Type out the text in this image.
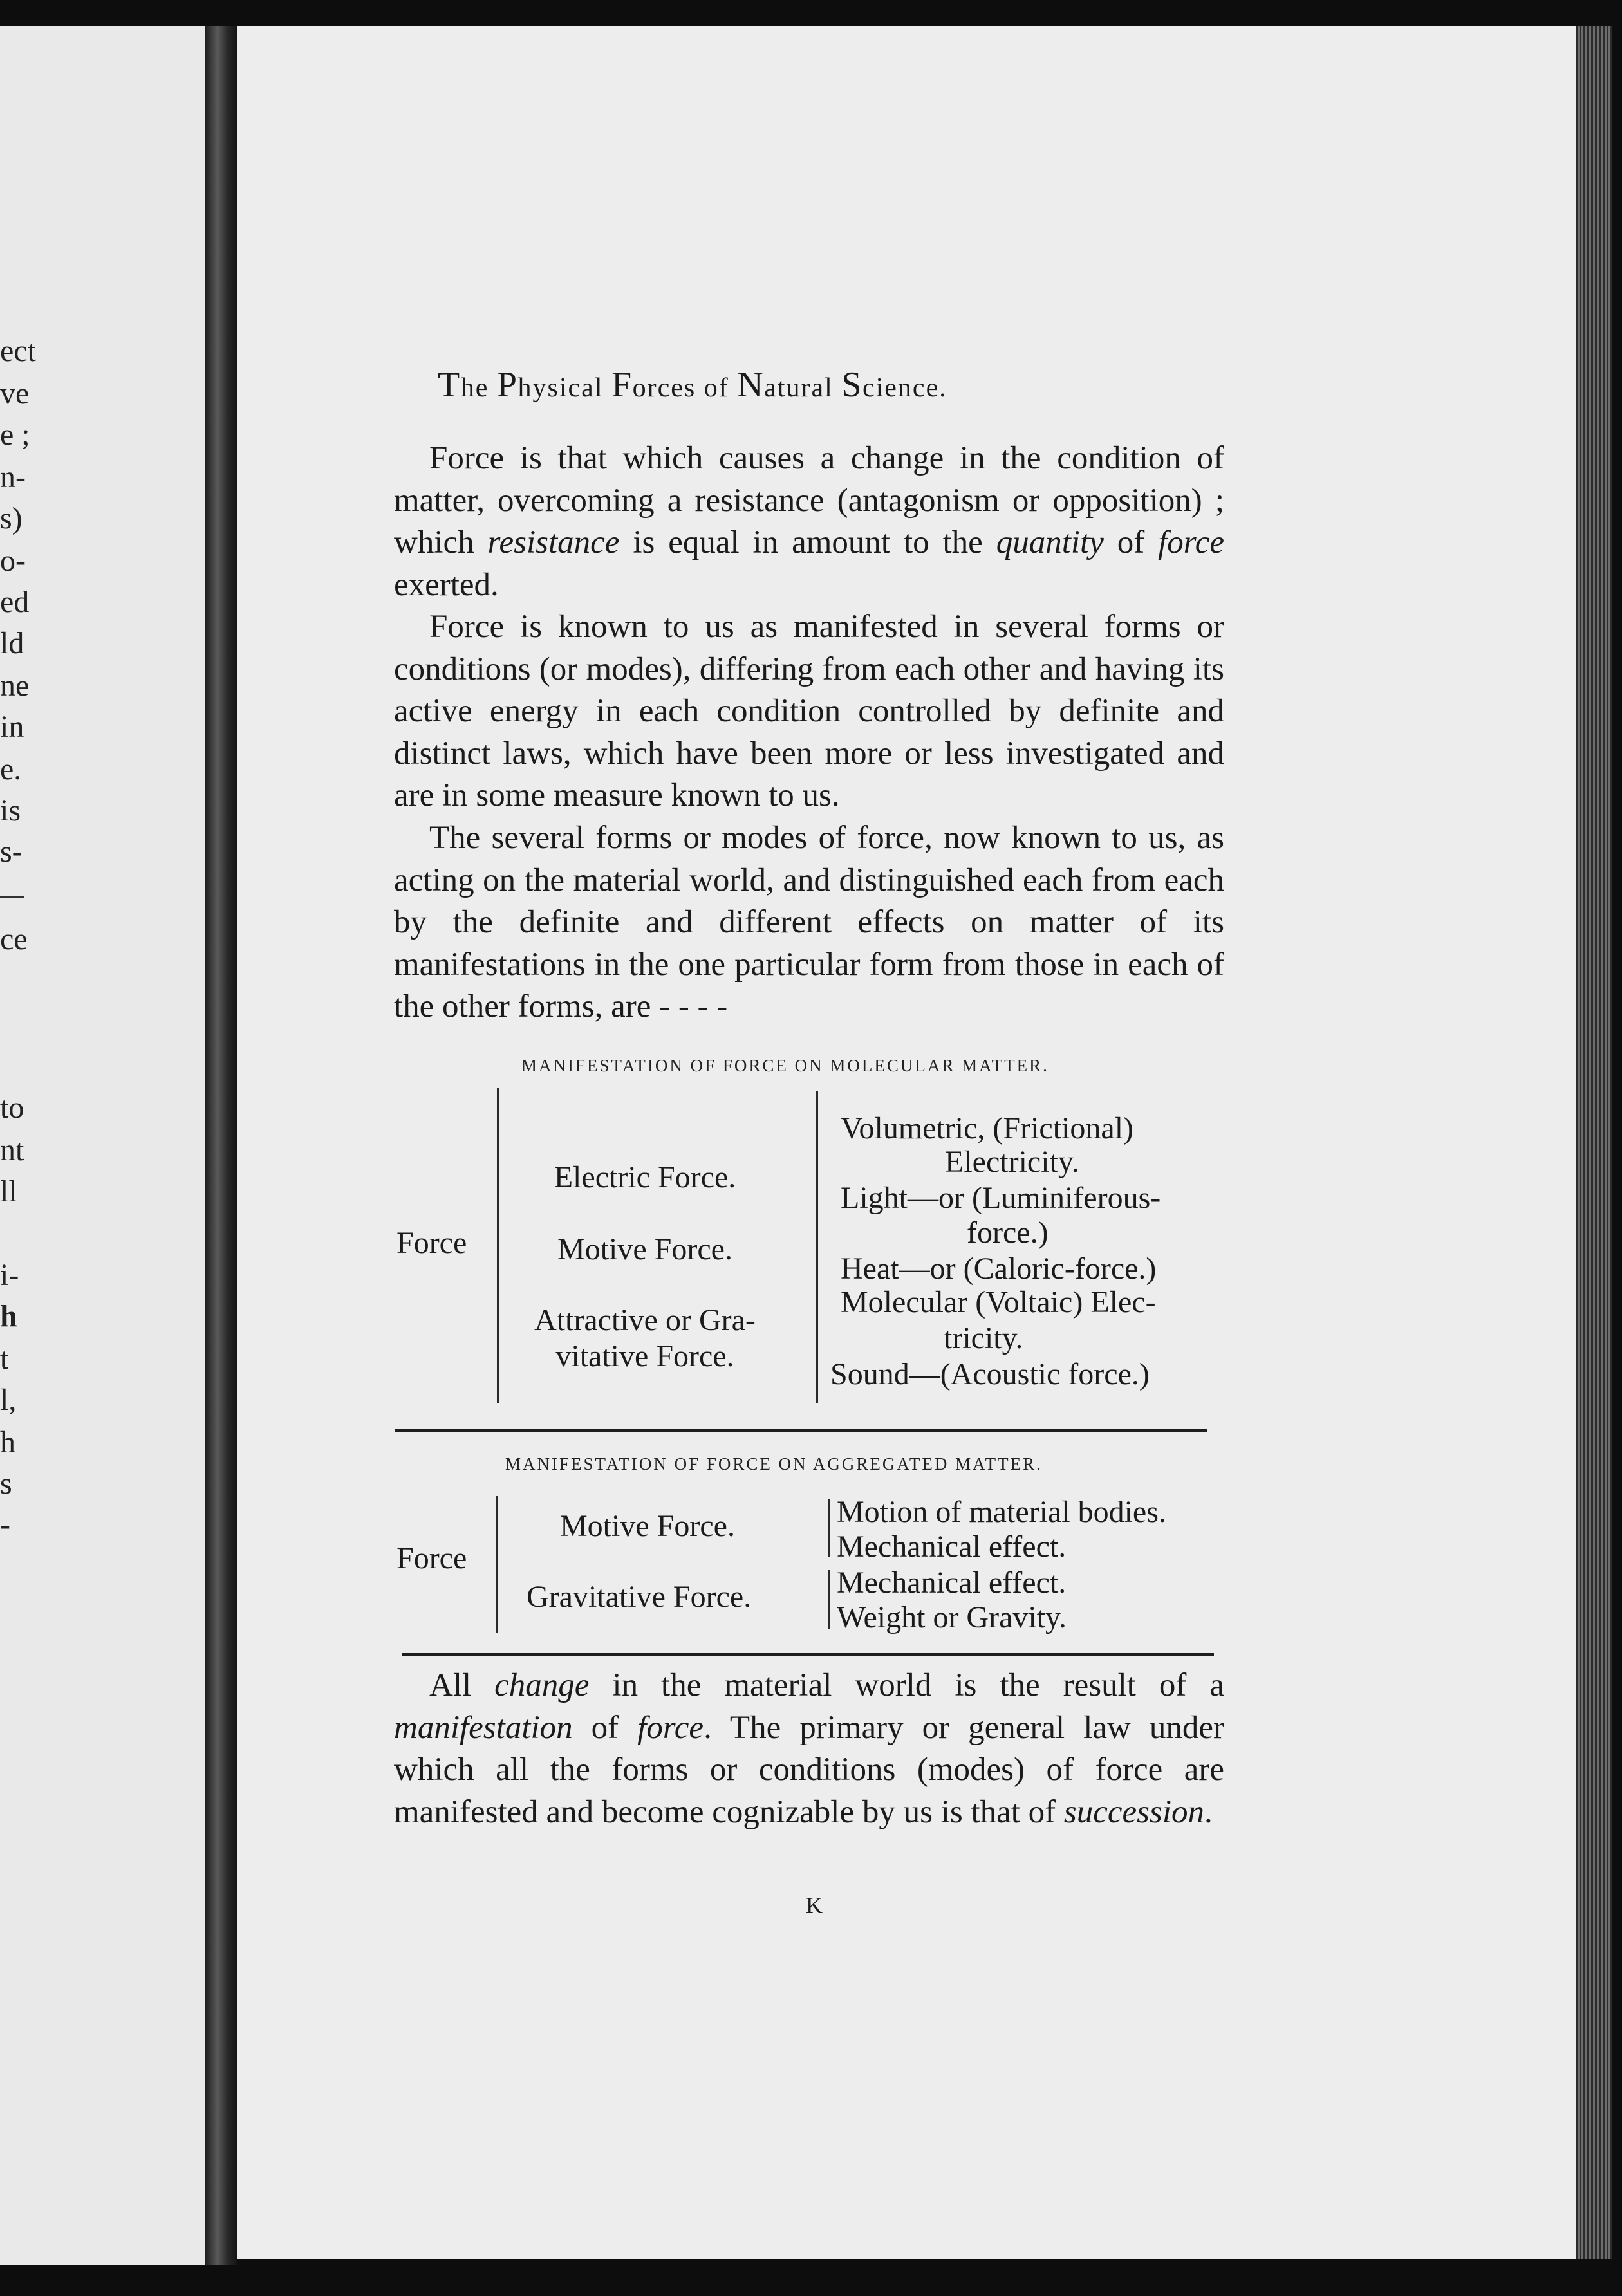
ect
ve
e ;
n-
s)
o-
ed
ld
ne
in
e.
is
s-
ce
to
nt
ll
i-
h
t
l,
h
s
-
The Physical Forces of Natural Science.
Force is that which causes a change in the condition of matter, overcoming a resistance (antagonism or opposition) ; which resistance is equal in amount to the quantity of force exerted.
Force is known to us as manifested in several forms or conditions (or modes), differing from each other and having its active energy in each condition controlled by definite and distinct laws, which have been more or less investigated and are in some measure known to us.
The several forms or modes of force, now known to us, as acting on the material world, and distinguished each from each by the definite and different effects on matter of its manifestations in the one particular form from those in each of the other forms, are - - - -
MANIFESTATION OF FORCE ON MOLECULAR MATTER.
Force
Electric Force.
Motive Force.
Attractive or Gra-
vitative Force.
Volumetric, (Frictional)
Electricity.
Light—or (Luminiferous-
force.)
Heat—or (Caloric-force.)
Molecular (Voltaic) Elec-
tricity.
Sound—(Acoustic force.)
MANIFESTATION OF FORCE ON AGGREGATED MATTER.
Force
Motive Force.
Gravitative Force.
Motion of material bodies.
Mechanical effect.
Mechanical effect.
Weight or Gravity.
All change in the material world is the result of a manifestation of force. The primary or general law under which all the forms or conditions (modes) of force are manifested and become cognizable by us is that of succession.
K
